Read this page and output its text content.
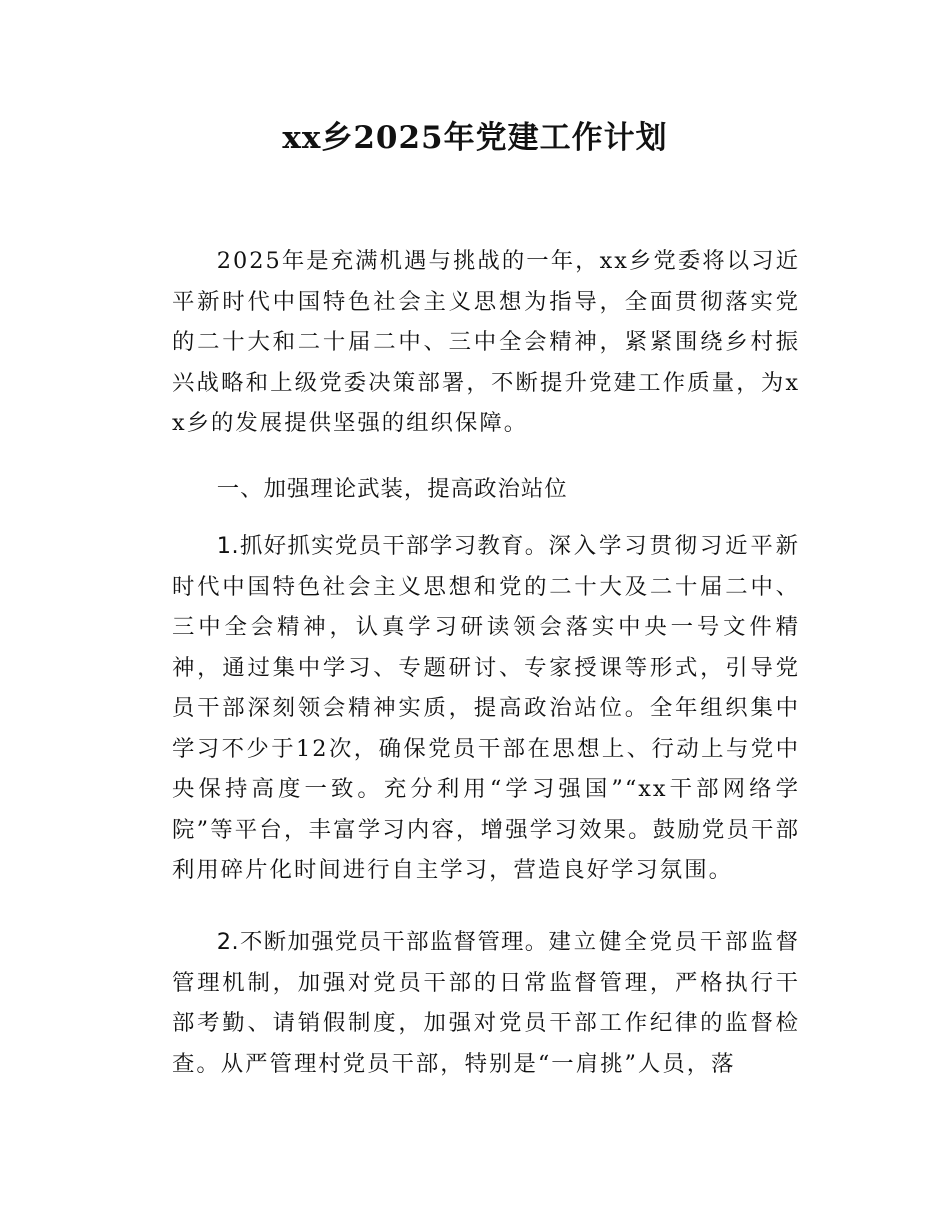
xx乡2025年党建工作计划

2025年是充满机遇与挑战的一年，xx乡党委将以习近平新时代中国特色社会主义思想为指导，全面贯彻落实党的二十大和二十届二中、三中全会精神，紧紧围绕乡村振兴战略和上级党委决策部署，不断提升党建工作质量，为xx乡的发展提供坚强的组织保障。

一、加强理论武装，提高政治站位

1.抓好抓实党员干部学习教育。深入学习贯彻习近平新时代中国特色社会主义思想和党的二十大及二十届二中、三中全会精神，认真学习研读领会落实中央一号文件精神，通过集中学习、专题研讨、专家授课等形式，引导党员干部深刻领会精神实质，提高政治站位。全年组织集中学习不少于12次，确保党员干部在思想上、行动上与党中央保持高度一致。充分利用“学习强国”“xx干部网络学院”等平台，丰富学习内容，增强学习效果。鼓励党员干部利用碎片化时间进行自主学习，营造良好学习氛围。

2.不断加强党员干部监督管理。建立健全党员干部监督管理机制，加强对党员干部的日常监督管理，严格执行干部考勤、请销假制度，加强对党员干部工作纪律的监督检查。从严管理村党员干部，特别是“一肩挑”人员，落
